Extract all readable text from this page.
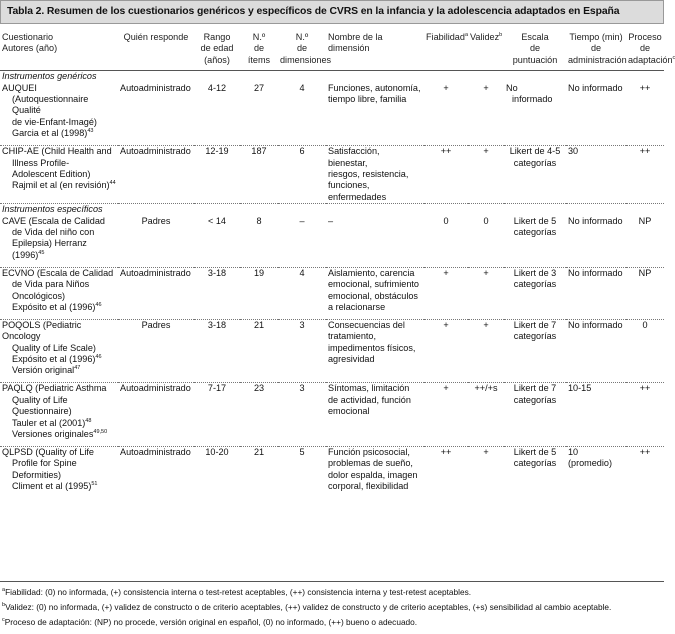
Tabla 2. Resumen de los cuestionarios genéricos y específicos de CVRS en la infancia y la adolescencia adaptados en España
Cuestionario
Autores (año)	Quién responde	Rango
de edad
(años)	N.º
de
ítems	N.º
de
dimensiones	Nombre de la dimensión	Fiabilidad$^a$	Validez$^b$	Escala
de
puntuación	Tiempo (min)
de
administración	Proceso
de
adaptación$^c$
Instrumentos genéricos										
AUQUEI
(Autoquestionnaire Qualité
de vie-Enfant-Imagé)
Garcia et al $(1998)^{43}$	Autoadministrado	4-12	27	4	Funciones, autonomía,
tiempo libre, familia	+	+	No
informado	No informado	++

CHIP-AE (Child Health and
Illness Profile-
Adolescent Edition)
Rajmil et al (en revisión)$^{44}$	Autoadministrado	12-19	187	6	Satisfacción,
bienestar,
riesgos, resistencia,
funciones,
enfermedades	++	+	Likert de 4-5
categorías	30	++
Instrumentos específicos										
CAVE (Escala de Calidad
de Vida del niño con
Epilepsia) Herranz $(1996)^{45}$	Padres	< 14	8	–	–	0	0	Likert de 5
categorías	No informado	NP

ECVNO (Escala de Calidad
de Vida para Niños
Oncológicos)
Expósito et al $(1996)^{46}$	Autoadministrado	3-18	19	4	Aislamiento, carencia
emocional, sufrimiento
emocional, obstáculos
a relacionarse	+	+	Likert de 3
categorías	No informado	NP

POQOLS (Pediatric Oncology
Quality of Life Scale)
Expósito et al $(1996)^{46}$
Versión original$^{47}$	Padres	3-18	21	3	Consecuencias del
tratamiento,
impedimentos físicos,
agresividad	+	+	Likert de 7
categorías	No informado	0

PAQLQ (Pediatric Asthma
Quality of Life
Questionnaire)
Tauler et al $(2001)^{48}$
Versiones originales$^{49,50}$	Autoadministrado	7-17	23	3	Síntomas, limitación
de actividad, función
emocional	+	++/+s	Likert de 7
categorías	10-15	++

QLPSD (Quality of Life
Profile for Spine
Deformities)
Climent et al $(1995)^{51}$	Autoadministrado	10-20	21	5	Función psicosocial,
problemas de sueño,
dolor espalda, imagen
corporal, flexibilidad	++	+	Likert de 5
categorías	10 (promedio)	++
$^a$Fiabilidad: (0) no informada, (+) consistencia interna o test-retest aceptables, (++) consistencia interna y test-retest aceptables.
$^b$Validez: (0) no informada, (+) validez de constructo o de criterio aceptables, (++) validez de constructo y de criterio aceptables, (+s) sensibilidad al cambio aceptable.
$^c$Proceso de adaptación: (NP) no procede, versión original en español, (0) no informado, (++) bueno o adecuado.
